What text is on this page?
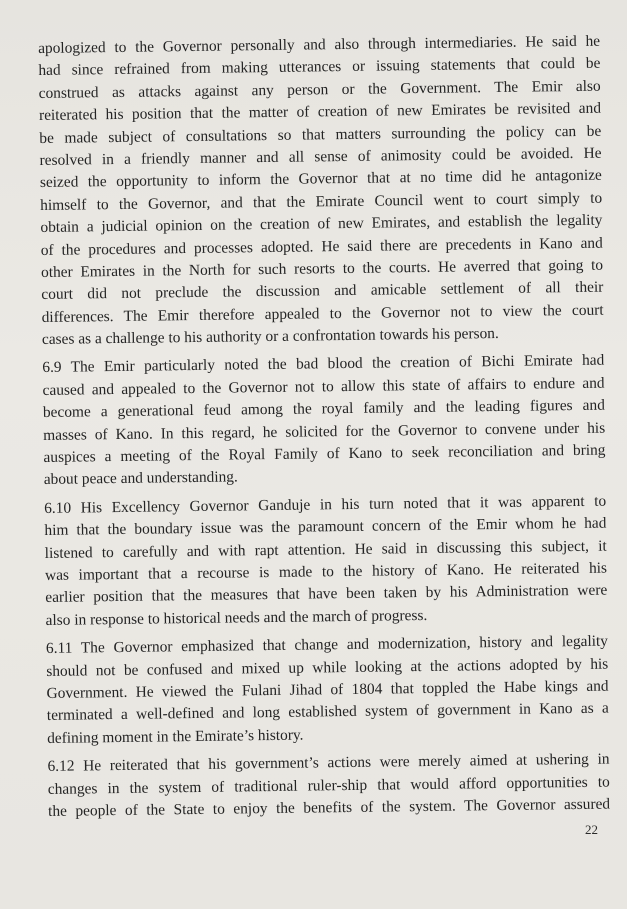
apologized to the Governor personally and also through intermediaries. He said he
had since refrained from making utterances or issuing statements that could be
construed as attacks against any person or the Government. The Emir also
reiterated his position that the matter of creation of new Emirates be revisited and
be made subject of consultations so that matters surrounding the policy can be
resolved in a friendly manner and all sense of animosity could be avoided. He
seized the opportunity to inform the Governor that at no time did he antagonize
himself to the Governor, and that the Emirate Council went to court simply to
obtain a judicial opinion on the creation of new Emirates, and establish the legality
of the procedures and processes adopted. He said there are precedents in Kano and
other Emirates in the North for such resorts to the courts. He averred that going to
court did not preclude the discussion and amicable settlement of all their
differences. The Emir therefore appealed to the Governor not to view the court
cases as a challenge to his authority or a confrontation towards his person.
6.9 The Emir particularly noted the bad blood the creation of Bichi Emirate had
caused and appealed to the Governor not to allow this state of affairs to endure and
become a generational feud among the royal family and the leading figures and
masses of Kano. In this regard, he solicited for the Governor to convene under his
auspices a meeting of the Royal Family of Kano to seek reconciliation and bring
about peace and understanding.
6.10 His Excellency Governor Ganduje in his turn noted that it was apparent to
him that the boundary issue was the paramount concern of the Emir whom he had
listened to carefully and with rapt attention. He said in discussing this subject, it
was important that a recourse is made to the history of Kano. He reiterated his
earlier position that the measures that have been taken by his Administration were
also in response to historical needs and the march of progress.
6.11 The Governor emphasized that change and modernization, history and legality
should not be confused and mixed up while looking at the actions adopted by his
Government. He viewed the Fulani Jihad of 1804 that toppled the Habe kings and
terminated a well-defined and long established system of government in Kano as a
defining moment in the Emirate’s history.
6.12 He reiterated that his government’s actions were merely aimed at ushering in
changes in the system of traditional ruler-ship that would afford opportunities to
the people of the State to enjoy the benefits of the system. The Governor assured
22
